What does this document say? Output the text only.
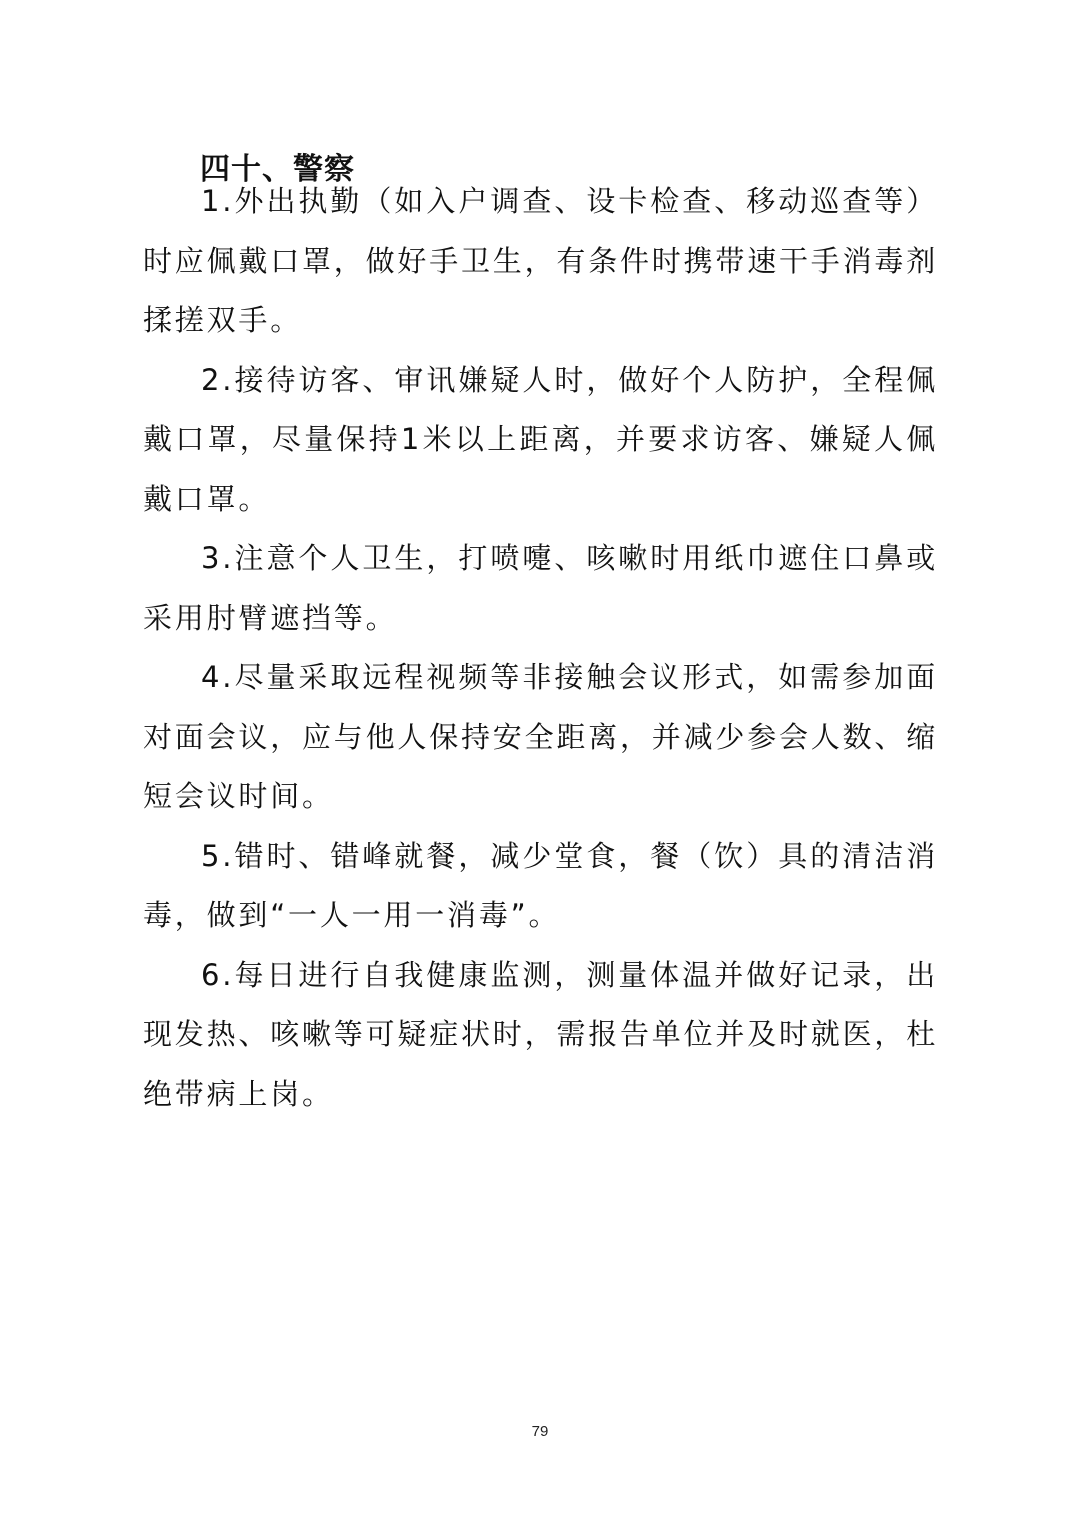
四十、警察

1.外出执勤（如入户调查、设卡检查、移动巡查等）时应佩戴口罩，做好手卫生，有条件时携带速干手消毒剂揉搓双手。

2.接待访客、审讯嫌疑人时，做好个人防护，全程佩戴口罩，尽量保持1米以上距离，并要求访客、嫌疑人佩戴口罩。

3.注意个人卫生，打喷嚏、咳嗽时用纸巾遮住口鼻或采用肘臂遮挡等。

4.尽量采取远程视频等非接触会议形式，如需参加面对面会议，应与他人保持安全距离，并减少参会人数、缩短会议时间。

5.错时、错峰就餐，减少堂食，餐（饮）具的清洁消毒，做到“一人一用一消毒”。

6.每日进行自我健康监测，测量体温并做好记录，出现发热、咳嗽等可疑症状时，需报告单位并及时就医，杜绝带病上岗。

79
